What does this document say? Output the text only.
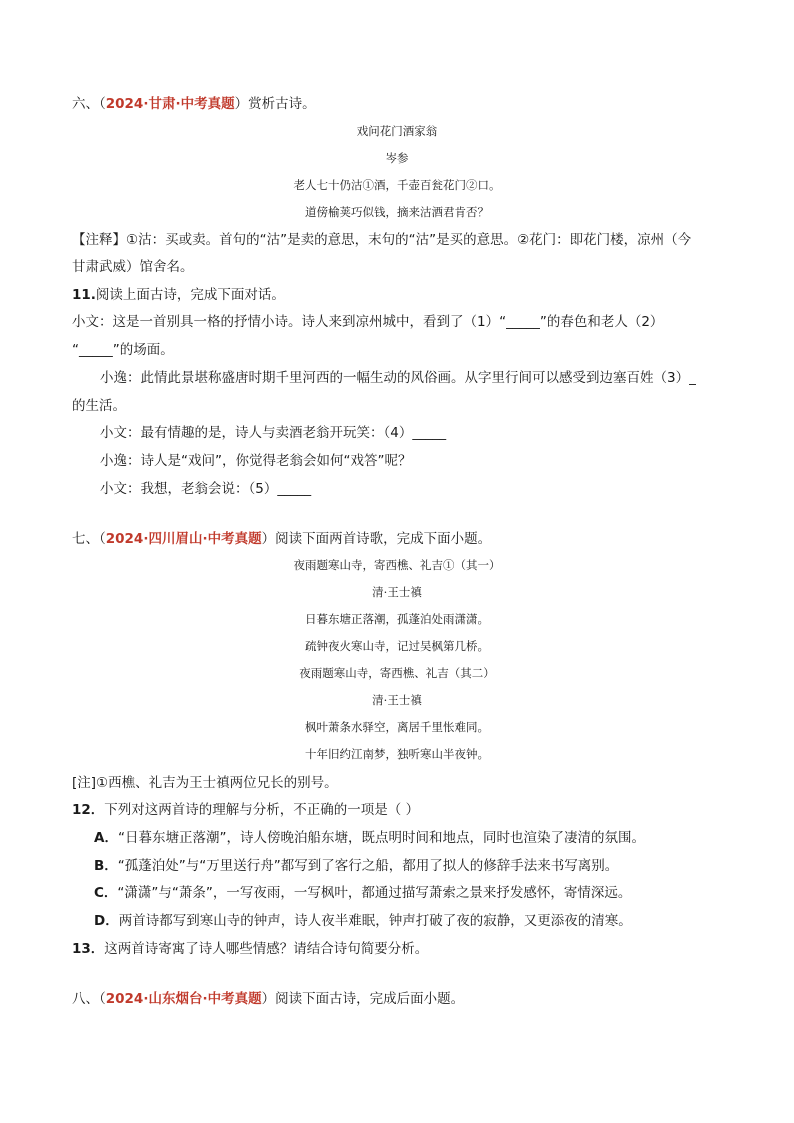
六、（2024·甘肃·中考真题）赏析古诗。
戏问花门酒家翁
岑参
老人七十仍沽①酒，千壶百瓮花门②口。
道傍榆荚巧似钱，摘来沽酒君肯否？
【注释】①沽：买或卖。首句的“沽”是卖的意思，末句的“沽”是买的意思。②花门：即花门楼，凉州（今
甘肃武威）馆舍名。
11.阅读上面古诗，完成下面对话。
小文：这是一首别具一格的抒情小诗。诗人来到凉州城中，看到了（1）“_____”的春色和老人（2）
“_____”的场面。
小逸：此情此景堪称盛唐时期千里河西的一幅生动的风俗画。从字里行间可以感受到边塞百姓（3）_
的生活。
小文：最有情趣的是，诗人与卖酒老翁开玩笑：（4）_____
小逸：诗人是“戏问”，你觉得老翁会如何“戏答”呢？
小文：我想，老翁会说：（5）_____
七、（2024·四川眉山·中考真题）阅读下面两首诗歌，完成下面小题。
夜雨题寒山寺，寄西樵、礼吉①（其一）
清·王士禛
日暮东塘正落潮，孤蓬泊处雨潇潇。
疏钟夜火寒山寺，记过吴枫第几桥。
夜雨题寒山寺，寄西樵、礼吉（其二）
清·王士禛
枫叶萧条水驿空，离居千里怅难同。
十年旧约江南梦，独听寒山半夜钟。
[注]①西樵、礼吉为王士禛两位兄长的别号。
12．下列对这两首诗的理解与分析，不正确的一项是（ ）
A．“日暮东塘正落潮”，诗人傍晚泊船东塘，既点明时间和地点，同时也渲染了凄清的氛围。
B．“孤蓬泊处”与“万里送行舟”都写到了客行之船，都用了拟人的修辞手法来书写离别。
C．“潇潇”与“萧条”，一写夜雨，一写枫叶，都通过描写萧索之景来抒发感怀，寄情深远。
D．两首诗都写到寒山寺的钟声，诗人夜半难眠，钟声打破了夜的寂静，又更添夜的清寒。
13．这两首诗寄寓了诗人哪些情感？请结合诗句简要分析。
八、（2024·山东烟台·中考真题）阅读下面古诗，完成后面小题。
